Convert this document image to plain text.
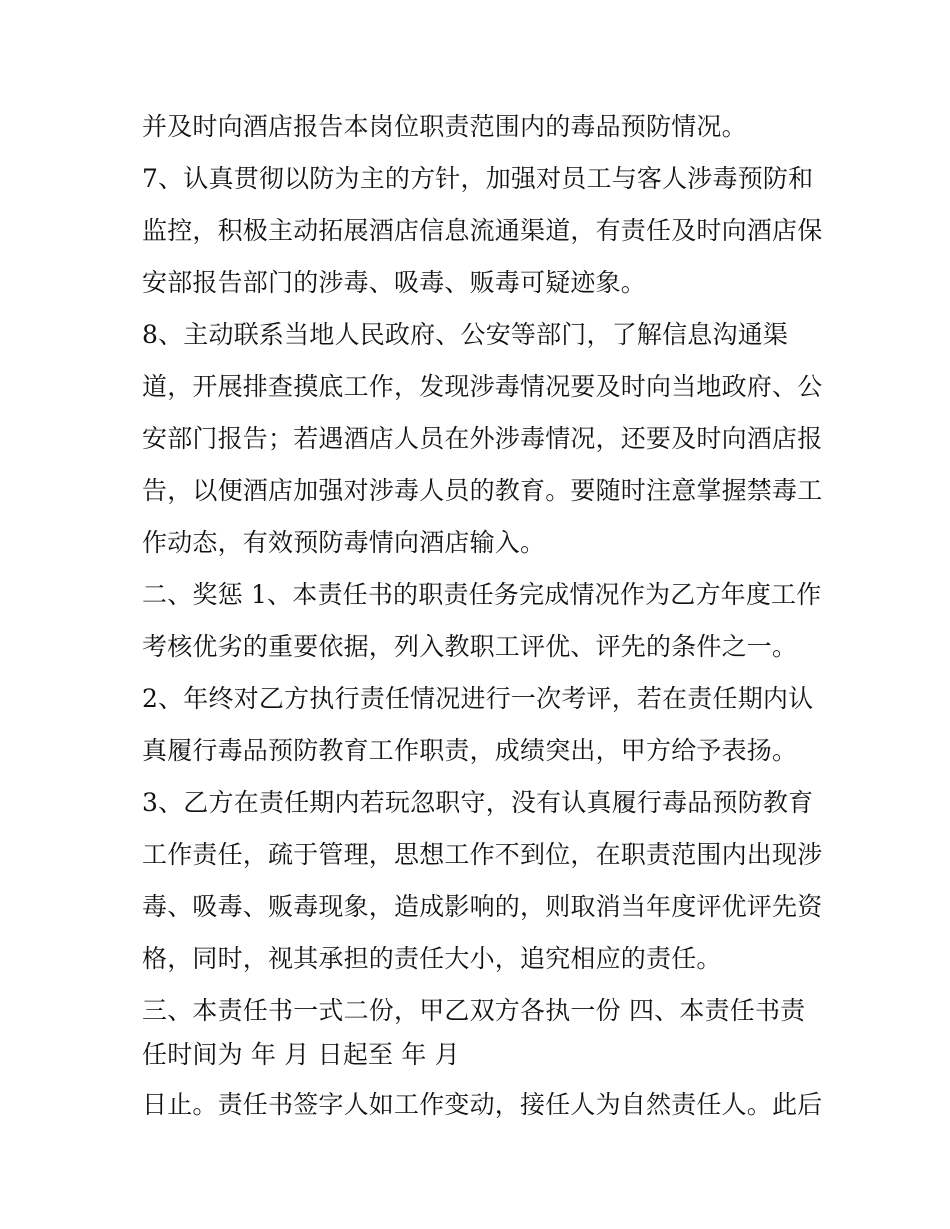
并及时向酒店报告本岗位职责范围内的毒品预防情况。
7、认真贯彻以防为主的方针，加强对员工与客人涉毒预防和
监控，积极主动拓展酒店信息流通渠道，有责任及时向酒店保
安部报告部门的涉毒、吸毒、贩毒可疑迹象。
8、主动联系当地人民政府、公安等部门，了解信息沟通渠
道，开展排查摸底工作，发现涉毒情况要及时向当地政府、公
安部门报告；若遇酒店人员在外涉毒情况，还要及时向酒店报
告，以便酒店加强对涉毒人员的教育。要随时注意掌握禁毒工
作动态，有效预防毒情向酒店输入。
二、奖惩 1、本责任书的职责任务完成情况作为乙方年度工作
考核优劣的重要依据，列入教职工评优、评先的条件之一。
2、年终对乙方执行责任情况进行一次考评，若在责任期内认
真履行毒品预防教育工作职责，成绩突出，甲方给予表扬。
3、乙方在责任期内若玩忽职守，没有认真履行毒品预防教育
工作责任，疏于管理，思想工作不到位，在职责范围内出现涉
毒、吸毒、贩毒现象，造成影响的，则取消当年度评优评先资
格，同时，视其承担的责任大小，追究相应的责任。
三、本责任书一式二份，甲乙双方各执一份 四、本责任书责
任时间为 年 月 日起至 年 月
日止。责任书签字人如工作变动，接任人为自然责任人。此后
